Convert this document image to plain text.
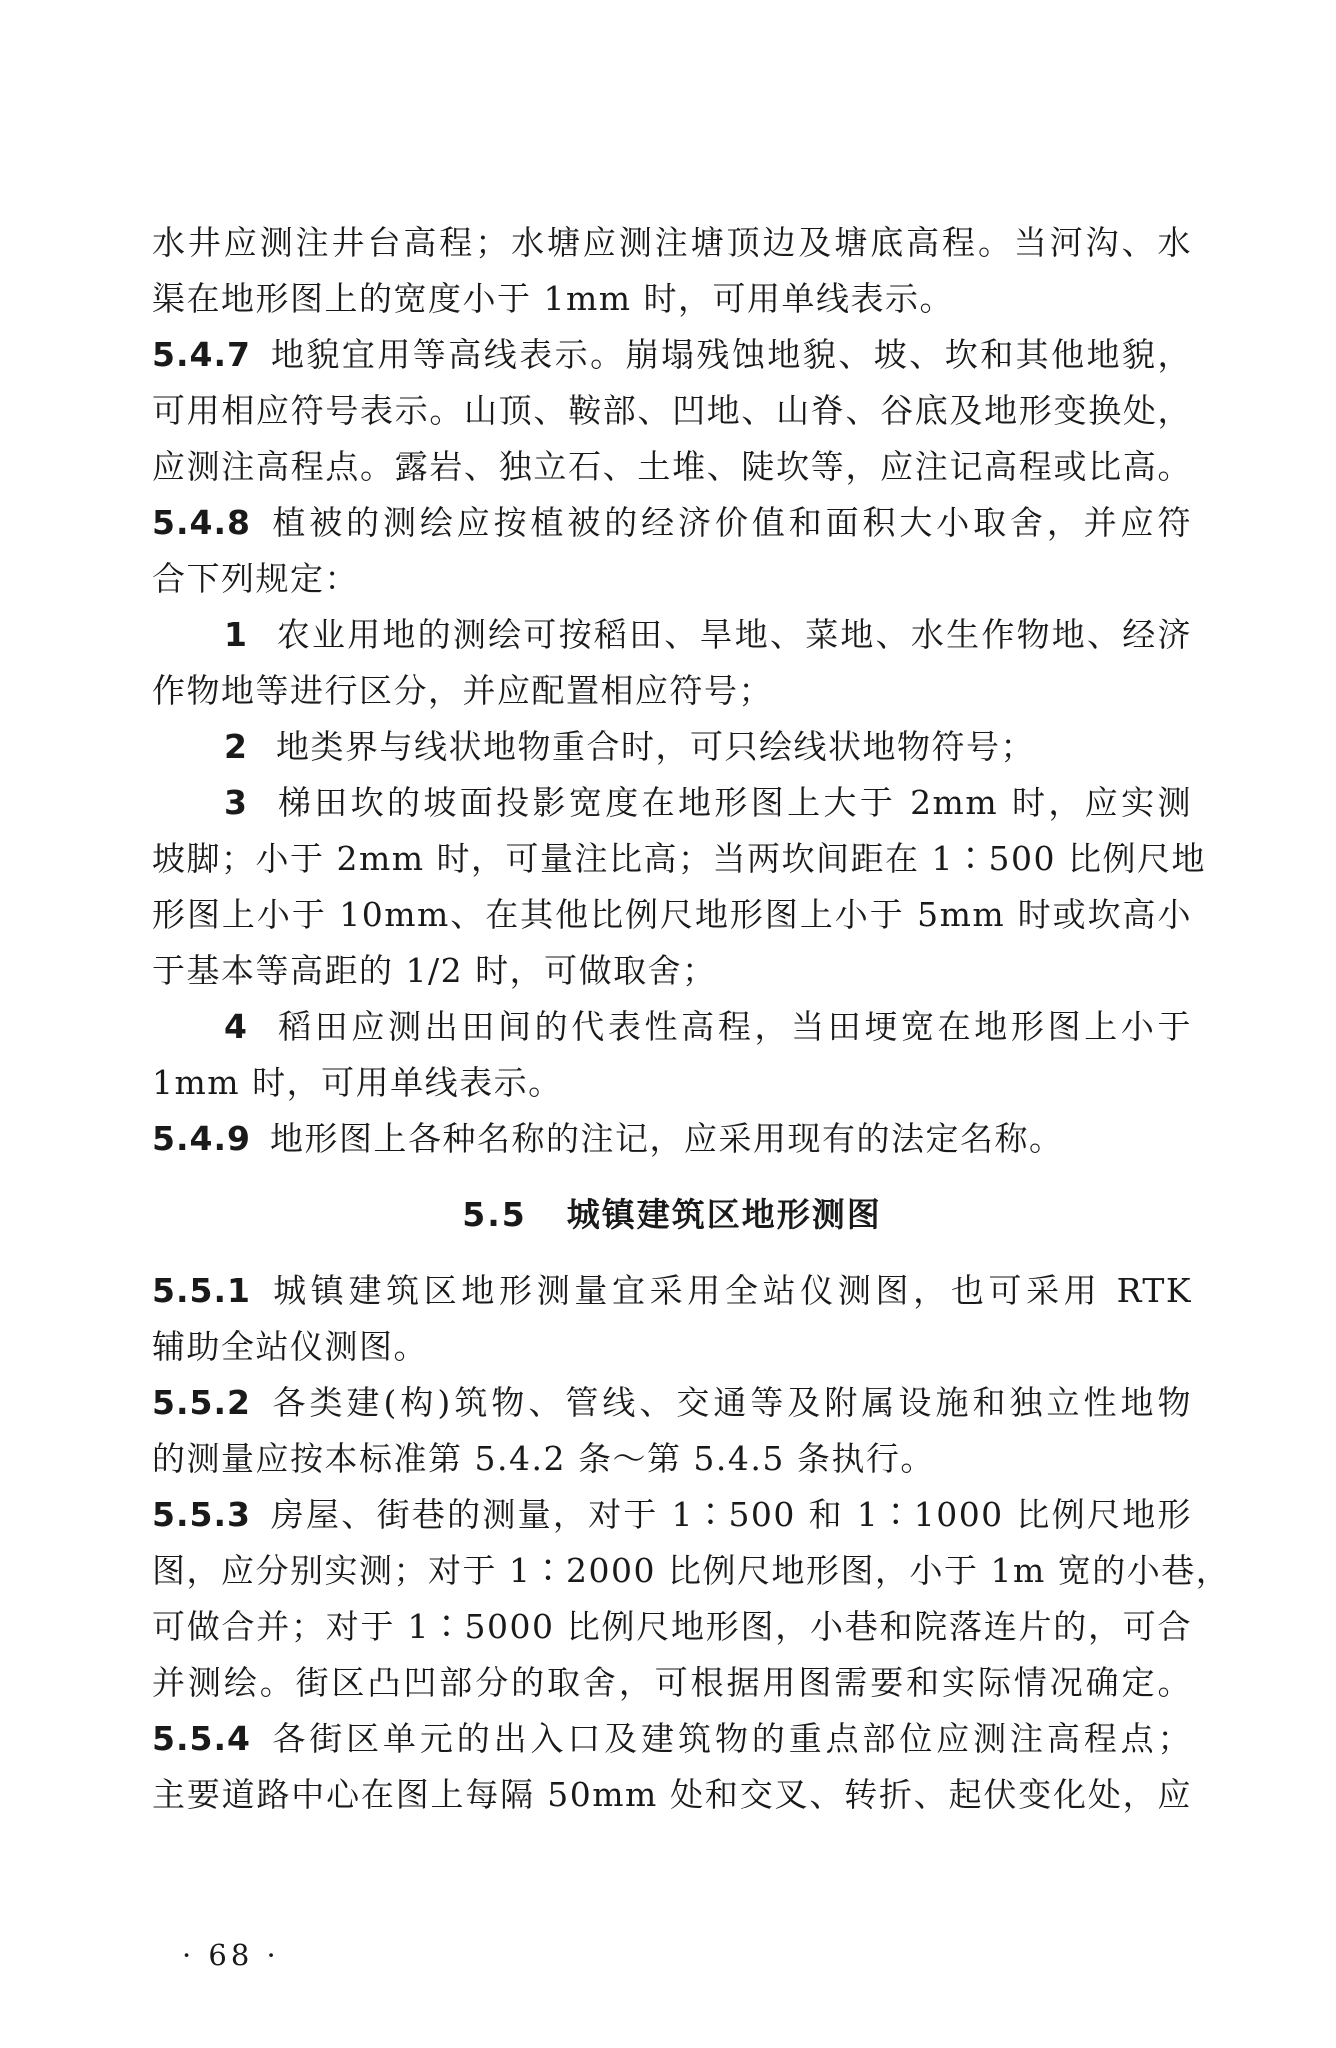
水井应测注井台高程；水塘应测注塘顶边及塘底高程。当河沟、水
渠在地形图上的宽度小于 1mm 时，可用单线表示。
5.4.7 地貌宜用等高线表示。崩塌残蚀地貌、坡、坎和其他地貌，
可用相应符号表示。山顶、鞍部、凹地、山脊、谷底及地形变换处，
应测注高程点。露岩、独立石、土堆、陡坎等，应注记高程或比高。
5.4.8 植被的测绘应按植被的经济价值和面积大小取舍，并应符
合下列规定：
1 农业用地的测绘可按稻田、旱地、菜地、水生作物地、经济
作物地等进行区分，并应配置相应符号；
2 地类界与线状地物重合时，可只绘线状地物符号；
3 梯田坎的坡面投影宽度在地形图上大于 2mm 时，应实测
坡脚；小于 2mm 时，可量注比高；当两坎间距在 1∶500 比例尺地
形图上小于 10mm、在其他比例尺地形图上小于 5mm 时或坎高小
于基本等高距的 1/2 时，可做取舍；
4 稻田应测出田间的代表性高程，当田埂宽在地形图上小于
1mm 时，可用单线表示。
5.4.9 地形图上各种名称的注记，应采用现有的法定名称。
5.5 城镇建筑区地形测图
5.5.1 城镇建筑区地形测量宜采用全站仪测图，也可采用 RTK
辅助全站仪测图。
5.5.2 各类建(构)筑物、管线、交通等及附属设施和独立性地物
的测量应按本标准第 5.4.2 条～第 5.4.5 条执行。
5.5.3 房屋、街巷的测量，对于 1∶500 和 1∶1000 比例尺地形
图，应分别实测；对于 1∶2000 比例尺地形图，小于 1m 宽的小巷，
可做合并；对于 1∶5000 比例尺地形图，小巷和院落连片的，可合
并测绘。街区凸凹部分的取舍，可根据用图需要和实际情况确定。
5.5.4 各街区单元的出入口及建筑物的重点部位应测注高程点；
主要道路中心在图上每隔 50mm 处和交叉、转折、起伏变化处，应
· 68 ·
